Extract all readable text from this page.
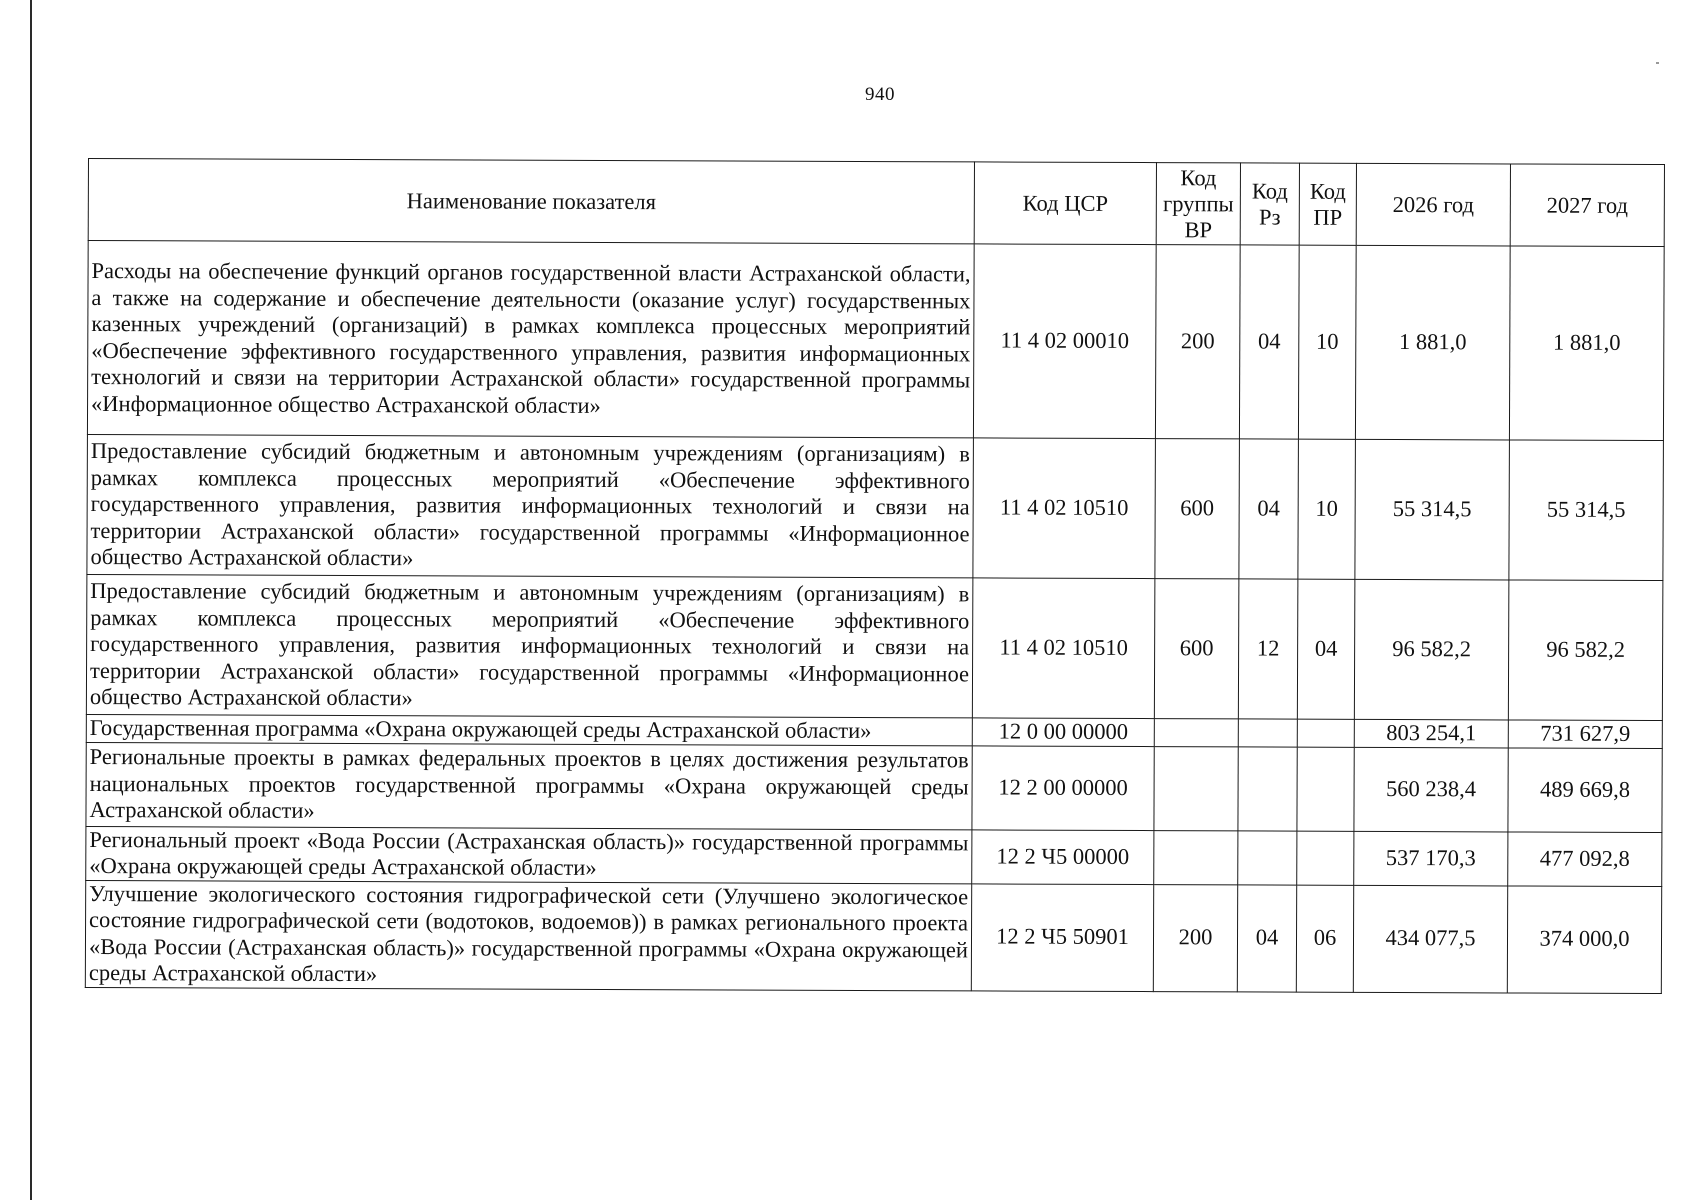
940
Наименование показателя	Код ЦСР	Код группы ВР	Код Рз	Код ПР	2026 год	2027 год
Расходы на обеспечение функций органов государственной власти Астраханской области, а также на содержание и обеспечение деятельности (оказание услуг) государственных казенных учреждений (организаций) в рамках комплекса процессных мероприятий «Обеспечение эффективного государственного управления, развития информационных технологий и связи на территории Астраханской области» государственной программы «Информационное общество Астраханской области»	11 4 02 00010	200	04	10	1 881,0	1 881,0
Предоставление субсидий бюджетным и автономным учреждениям (организациям) в рамках комплекса процессных мероприятий «Обеспечение эффективного государственного управления, развития информационных технологий и связи на территории Астраханской области» государственной программы «Информационное общество Астраханской области»	11 4 02 10510	600	04	10	55 314,5	55 314,5
Предоставление субсидий бюджетным и автономным учреждениям (организациям) в рамках комплекса процессных мероприятий «Обеспечение эффективного государственного управления, развития информационных технологий и связи на территории Астраханской области» государственной программы «Информационное общество Астраханской области»	11 4 02 10510	600	12	04	96 582,2	96 582,2
Государственная программа «Охрана окружающей среды Астраханской области»	12 0 00 00000				803 254,1	731 627,9
Региональные проекты в рамках федеральных проектов в целях достижения результатов национальных проектов государственной программы «Охрана окружающей среды Астраханской области»	12 2 00 00000				560 238,4	489 669,8
Региональный проект «Вода России (Астраханская область)» государственной программы «Охрана окружающей среды Астраханской области»	12 2 Ч5 00000				537 170,3	477 092,8
Улучшение экологического состояния гидрографической сети (Улучшено экологическое состояние гидрографической сети (водотоков, водоемов)) в рамках регионального проекта «Вода России (Астраханская область)» государственной программы «Охрана окружающей среды Астраханской области»	12 2 Ч5 50901	200	04	06	434 077,5	374 000,0
